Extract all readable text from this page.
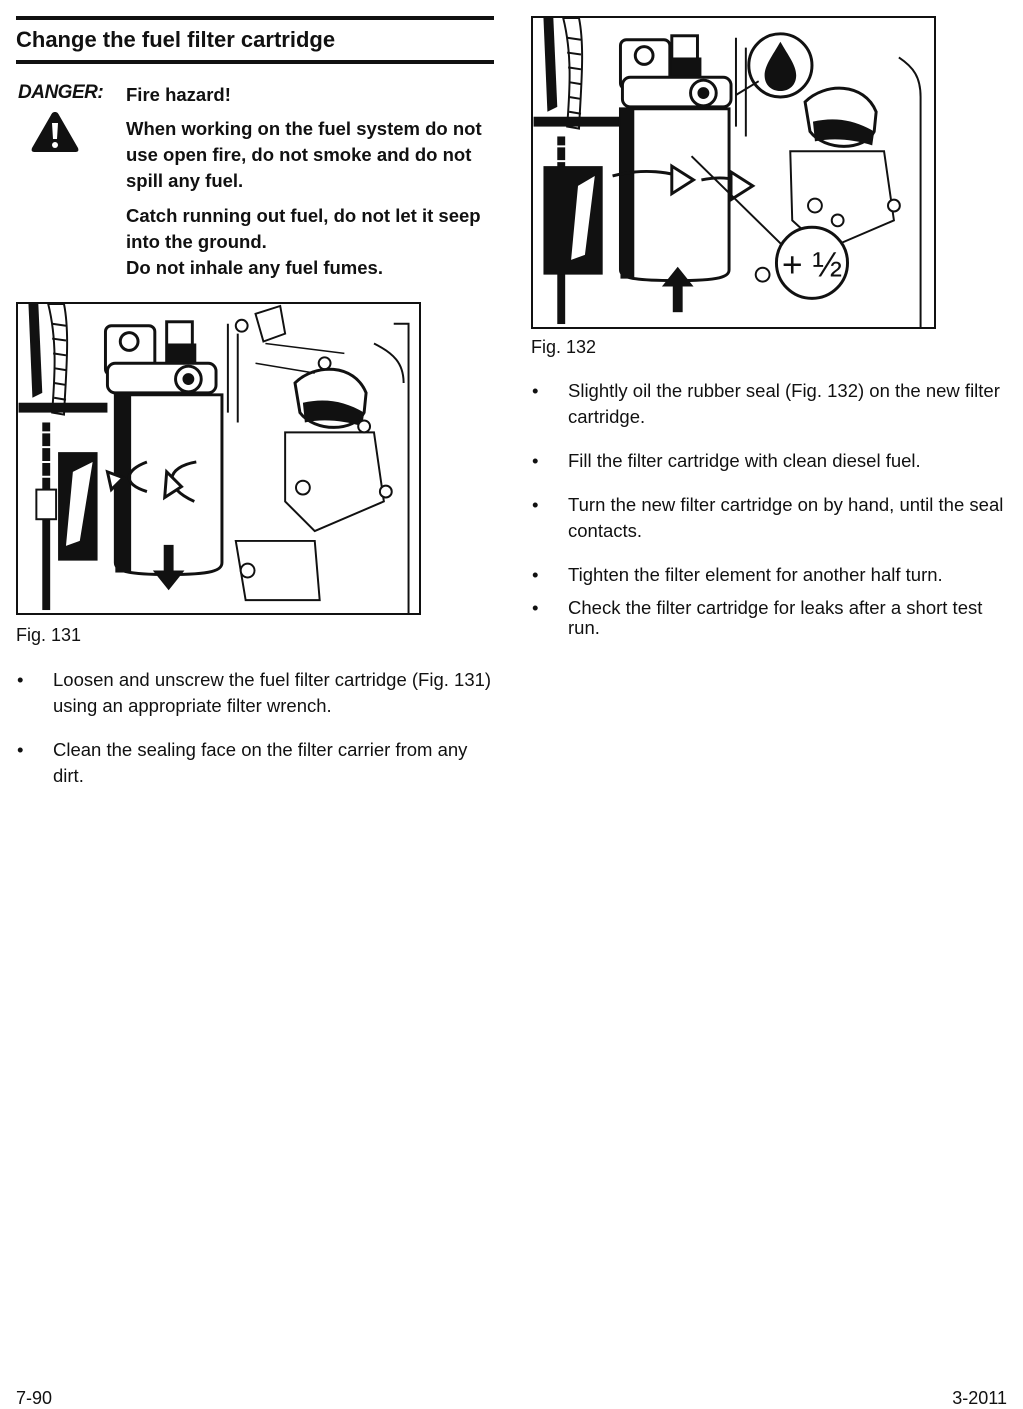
Change the fuel filter cartridge
DANGER: Fire hazard!

When working on the fuel system do not use open fire, do not smoke and do not spill any fuel.

Catch running out fuel, do not let it seep into the ground.

Do not inhale any fuel fumes.

Fig. 131
• Loosen and unscrew the fuel filter cartridge (Fig. 131) using an appropriate filter wrench.
• Clean the sealing face on the filter carrier from any dirt.
+ ½
Fig. 132
• Slightly oil the rubber seal (Fig. 132) on the new filter cartridge.
• Fill the filter cartridge with clean diesel fuel.
• Turn the new filter cartridge on by hand, until the seal contacts.
• Tighten the filter element for another half turn.
• Check the filter cartridge for leaks after a short test run.
7-90	3-2011
